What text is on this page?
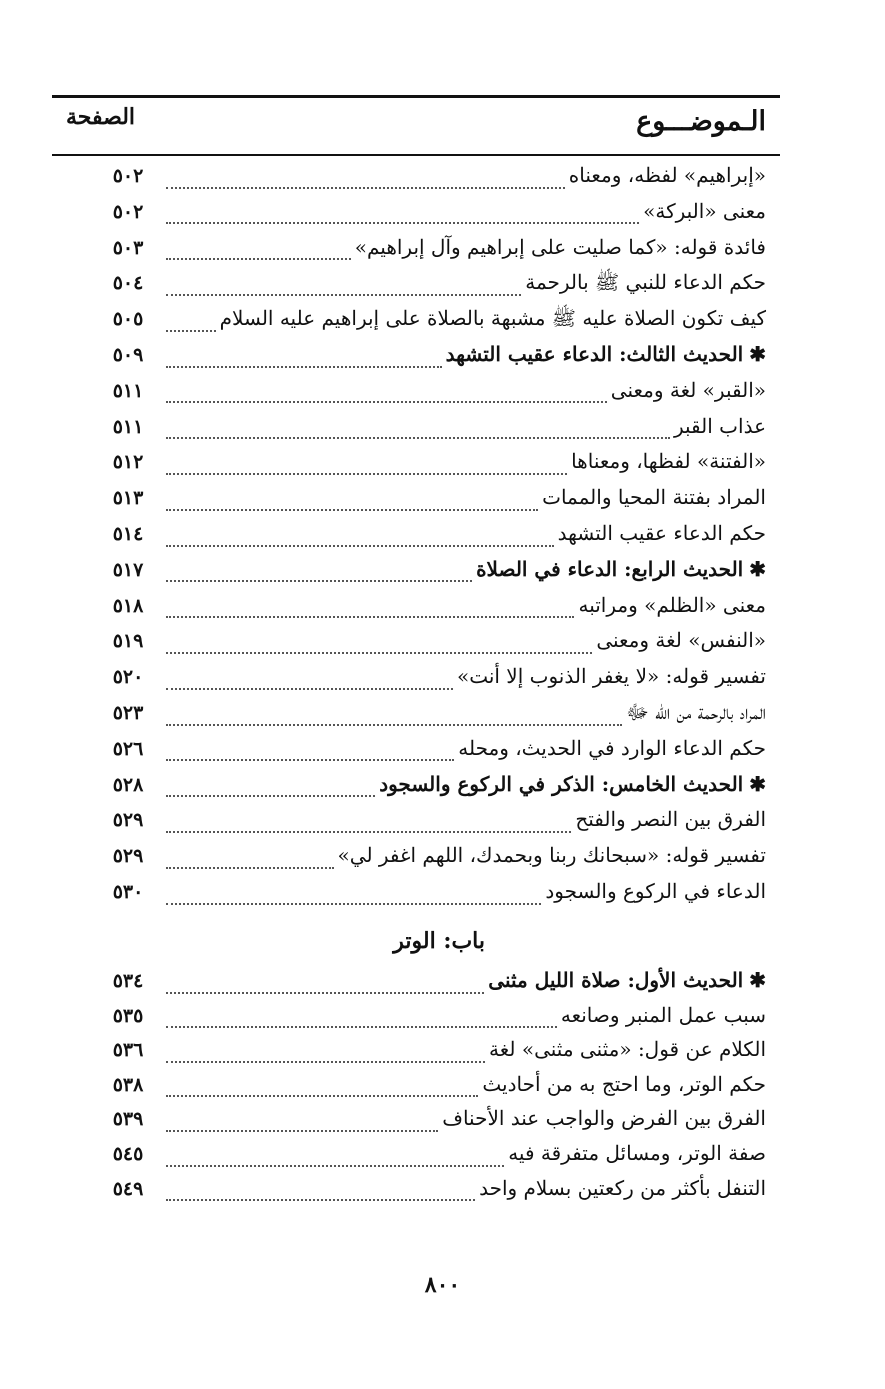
الـموضـــوع
الصفحة
«إبراهيم» لفظه، ومعناه
٥٠٢
معنى «البركة»
٥٠٢
فائدة قوله: «كما صليت على إبراهيم وآل إبراهيم»
٥٠٣
حكم الدعاء للنبي ﷺ بالرحمة
٥٠٤
كيف تكون الصلاة عليه ﷺ مشبهة بالصلاة على إبراهيم عليه السلام
٥٠٥
✱
الحديث الثالث: الدعاء عقيب التشهد
٥٠٩
«القبر» لغة ومعنى
٥١١
عذاب القبر
٥١١
«الفتنة» لفظها، ومعناها
٥١٢
المراد بفتنة المحيا والممات
٥١٣
حكم الدعاء عقيب التشهد
٥١٤
✱
الحديث الرابع: الدعاء في الصلاة
٥١٧
معنى «الظلم» ومراتبه
٥١٨
«النفس» لغة ومعنى
٥١٩
تفسير قوله: «لا يغفر الذنوب إلا أنت»
٥٢٠
المراد بالرحمة من الله ﷻ
٥٢٣
حكم الدعاء الوارد في الحديث، ومحله
٥٢٦
✱
الحديث الخامس: الذكر في الركوع والسجود
٥٢٨
الفرق بين النصر والفتح
٥٢٩
تفسير قوله: «سبحانك ربنا وبحمدك، اللهم اغفر لي»
٥٢٩
الدعاء في الركوع والسجود
٥٣٠
✱
الحديث الأول: صلاة الليل مثنى
٥٣٤
سبب عمل المنبر وصانعه
٥٣٥
الكلام عن قول: «مثنى مثنى» لغة
٥٣٦
حكم الوتر، وما احتج به من أحاديث
٥٣٨
الفرق بين الفرض والواجب عند الأحناف
٥٣٩
صفة الوتر، ومسائل متفرقة فيه
٥٤٥
التنفل بأكثر من ركعتين بسلام واحد
٥٤٩
باب: الوتر
٨٠٠
